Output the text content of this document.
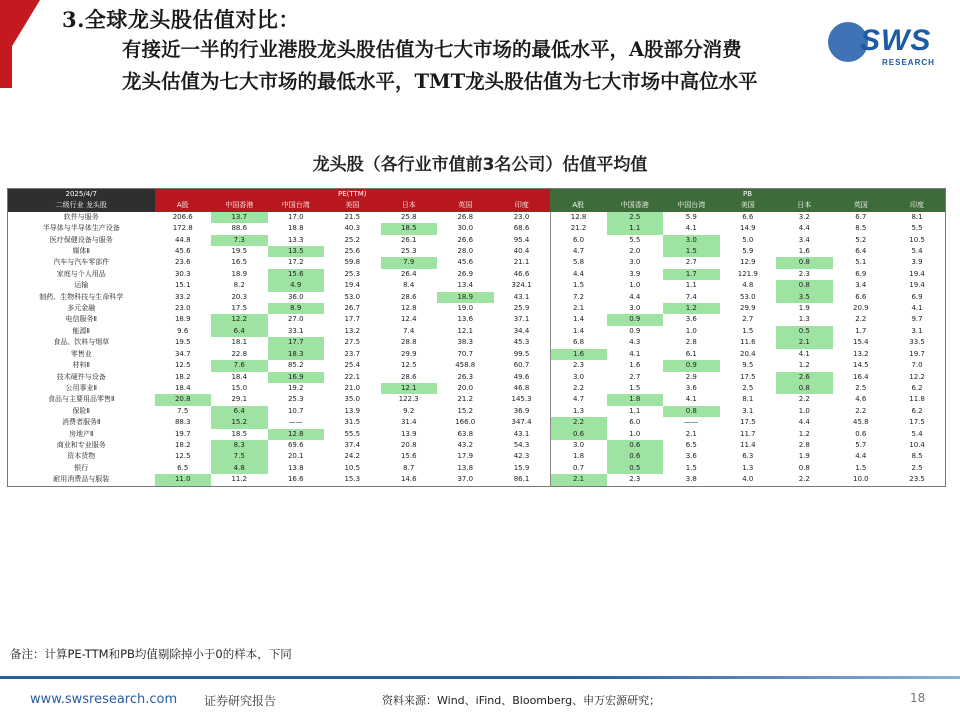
3.全球龙头股估值对比：
有接近一半的行业港股龙头股估值为七大市场的最低水平，A股部分消费
龙头估值为七大市场的最低水平，TMT龙头股估值为七大市场中高位水平
SWS
RESEARCH
龙头股（各行业市值前3名公司）估值平均值
2025/4/7	PE(TTM)							PB						
二级行业 龙头股	A股	中国香港	中国台湾	美国	日本	英国	印度	A股	中国香港	中国台湾	美国	日本	英国	印度
软件与服务	206.6	13.7	17.0	21.5	25.8	26.8	23.0	12.8	2.5	5.9	6.6	3.2	6.7	8.1
半导体与半导体生产设备	172.8	88.6	18.8	40.3	18.5	30.0	68.6	21.2	1.1	4.1	14.9	4.4	8.5	5.5
医疗保健设备与服务	44.8	7.3	13.3	25.2	26.1	26.6	95.4	6.0	5.5	3.0	5.0	3.4	5.2	10.5
媒体Ⅱ	45.6	19.5	13.5	25.6	25.3	28.0	40.4	4.7	2.0	1.5	5.9	1.6	6.4	5.4
汽车与汽车零部件	23.6	16.5	17.2	59.8	7.9	45.6	21.1	5.8	3.0	2.7	12.9	0.8	5.1	3.9
家庭与个人用品	30.3	18.9	15.6	25.3	26.4	26.9	46.6	4.4	3.9	1.7	121.9	2.3	6.9	19.4
运输	15.1	8.2	4.9	19.4	8.4	13.4	324.1	1.5	1.0	1.1	4.8	0.8	3.4	19.4
制药、生物科技与生命科学	33.2	20.3	36.0	53.0	28.6	18.9	43.1	7.2	4.4	7.4	53.0	3.5	6.6	6.9
多元金融	23.0	17.5	8.9	26.7	12.8	19.0	25.9	2.1	3.0	1.2	29.9	1.9	20.9	4.1
电信服务Ⅱ	18.9	12.2	27.0	17.7	12.4	13.6	37.1	1.4	0.9	3.6	2.7	1.3	2.2	9.7
能源Ⅱ	9.6	6.4	33.1	13.2	7.4	12.1	34.4	1.4	0.9	1.0	1.5	0.5	1.7	3.1
食品、饮料与烟草	19.5	18.1	17.7	27.5	28.8	38.3	45.3	6.8	4.3	2.8	11.6	2.1	15.4	33.5
零售业	34.7	22.8	18.3	23.7	29.9	70.7	99.5	1.6	4.1	6.1	20.4	4.1	13.2	19.7
材料Ⅱ	12.5	7.6	85.2	25.4	12.5	458.8	60.7	2.3	1.6	0.9	9.5	1.2	14.5	7.0
技术硬件与设备	18.2	18.4	16.9	22.1	28.6	26.3	49.6	3.0	2.7	2.9	17.5	2.6	16.4	12.2
公用事业Ⅱ	18.4	15.0	19.2	21.0	12.1	20.0	46.8	2.2	1.5	3.6	2.5	0.8	2.5	6.2
食品与主要用品零售Ⅱ	20.8	29.1	25.3	35.0	122.3	21.2	145.3	4.7	1.8	4.1	8.1	2.2	4.6	11.8
保险Ⅱ	7.5	6.4	10.7	13.9	9.2	15.2	36.9	1.3	1.1	0.8	3.1	1.0	2.2	6.2
消费者服务Ⅱ	88.3	15.2	——	31.5	31.4	166.0	347.4	2.2	6.0	——	17.5	4.4	45.8	17.5
房地产Ⅱ	19.7	18.5	12.8	55.5	13.9	63.8	43.1	0.6	1.0	2.1	11.7	1.2	0.6	5.4
商业和专业服务	18.2	8.3	69.6	37.4	20.8	43.2	54.3	3.0	0.6	6.5	11.4	2.8	5.7	10.4
资本货物	12.5	7.5	20.1	24.2	15.6	17.9	42.3	1.8	0.6	3.6	6.3	1.9	4.4	8.5
银行	6.5	4.8	13.8	10.5	8.7	13.8	15.9	0.7	0.5	1.5	1.3	0.8	1.5	2.5
耐用消费品与服装	11.0	11.2	16.6	15.3	14.6	37.0	86.1	2.1	2.3	3.8	4.0	2.2	10.0	23.5
备注：计算PE-TTM和PB均值剔除掉小于0的样本，下同
www.swsresearch.com 证券研究报告	资料来源：Wind、iFind、Bloomberg、申万宏源研究；	18
